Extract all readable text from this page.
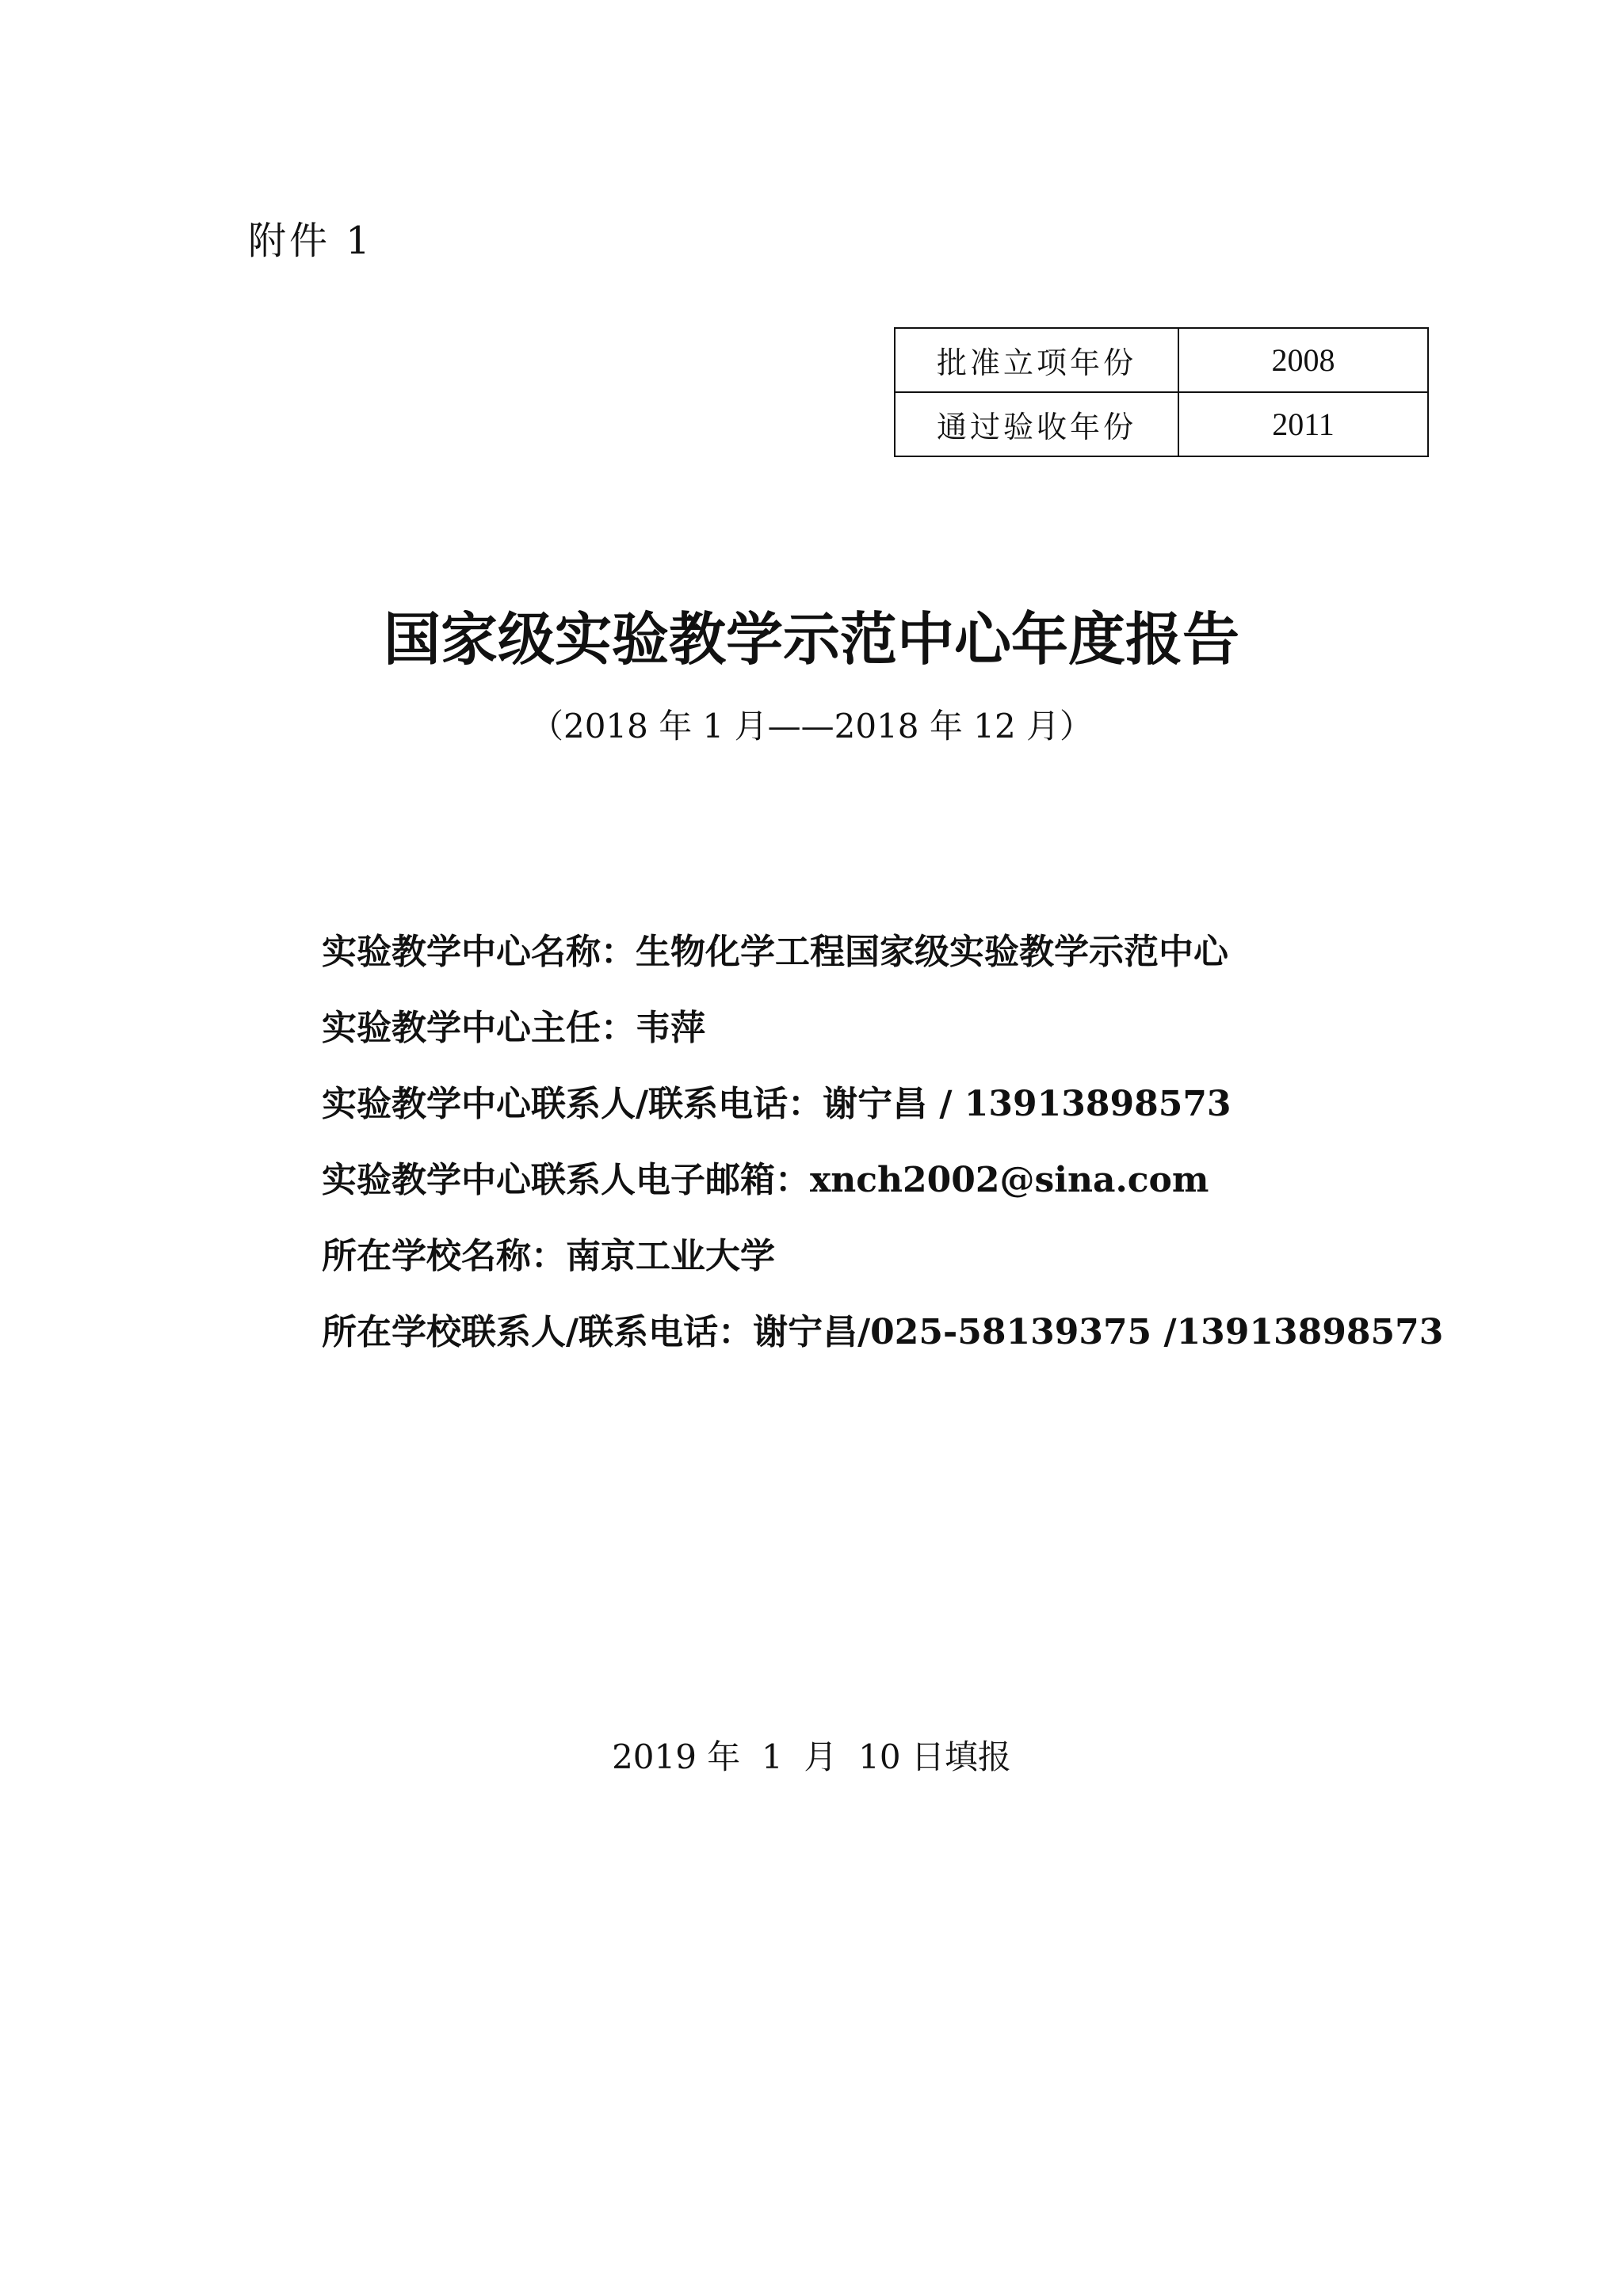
附件 1
批准立项年份	2008
通过验收年份	2011
国家级实验教学示范中心年度报告
（2018 年 1 月——2018 年 12 月）
实验教学中心名称：生物化学工程国家级实验教学示范中心
实验教学中心主任：韦萍
实验教学中心联系人/联系电话：谢宁昌 / 13913898573
实验教学中心联系人电子邮箱：xnch2002@sina.com
所在学校名称：南京工业大学
所在学校联系人/联系电话：谢宁昌/025-58139375 /13913898573
2019 年  1  月  10 日填报
